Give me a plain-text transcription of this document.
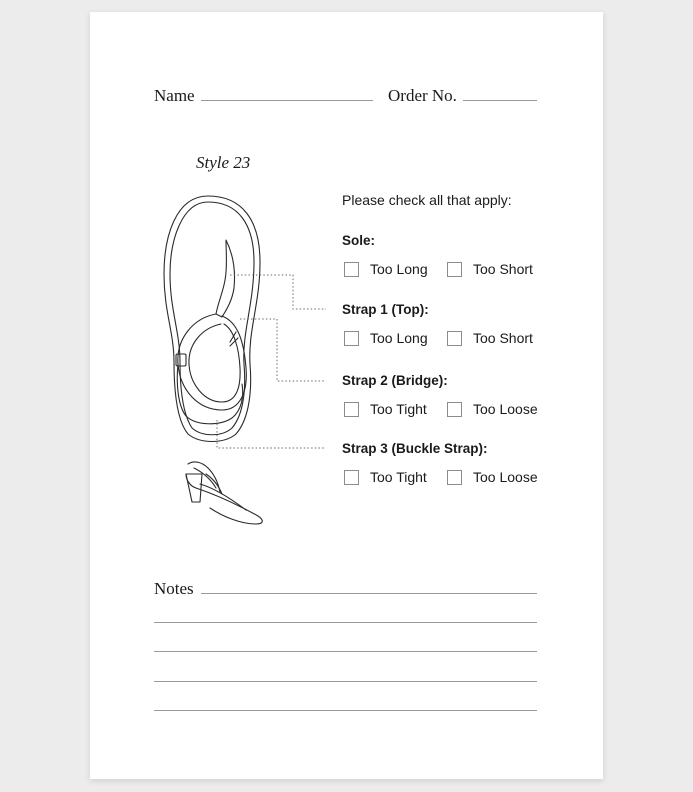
Name	Order No.
Style 23
Please check all that apply:
Sole:
Too Long	Too Short
Strap 1 (Top):
Too Long	Too Short
Strap 2 (Bridge):
Too Tight	Too Loose
Strap 3 (Buckle Strap):
Too Tight	Too Loose
Notes
